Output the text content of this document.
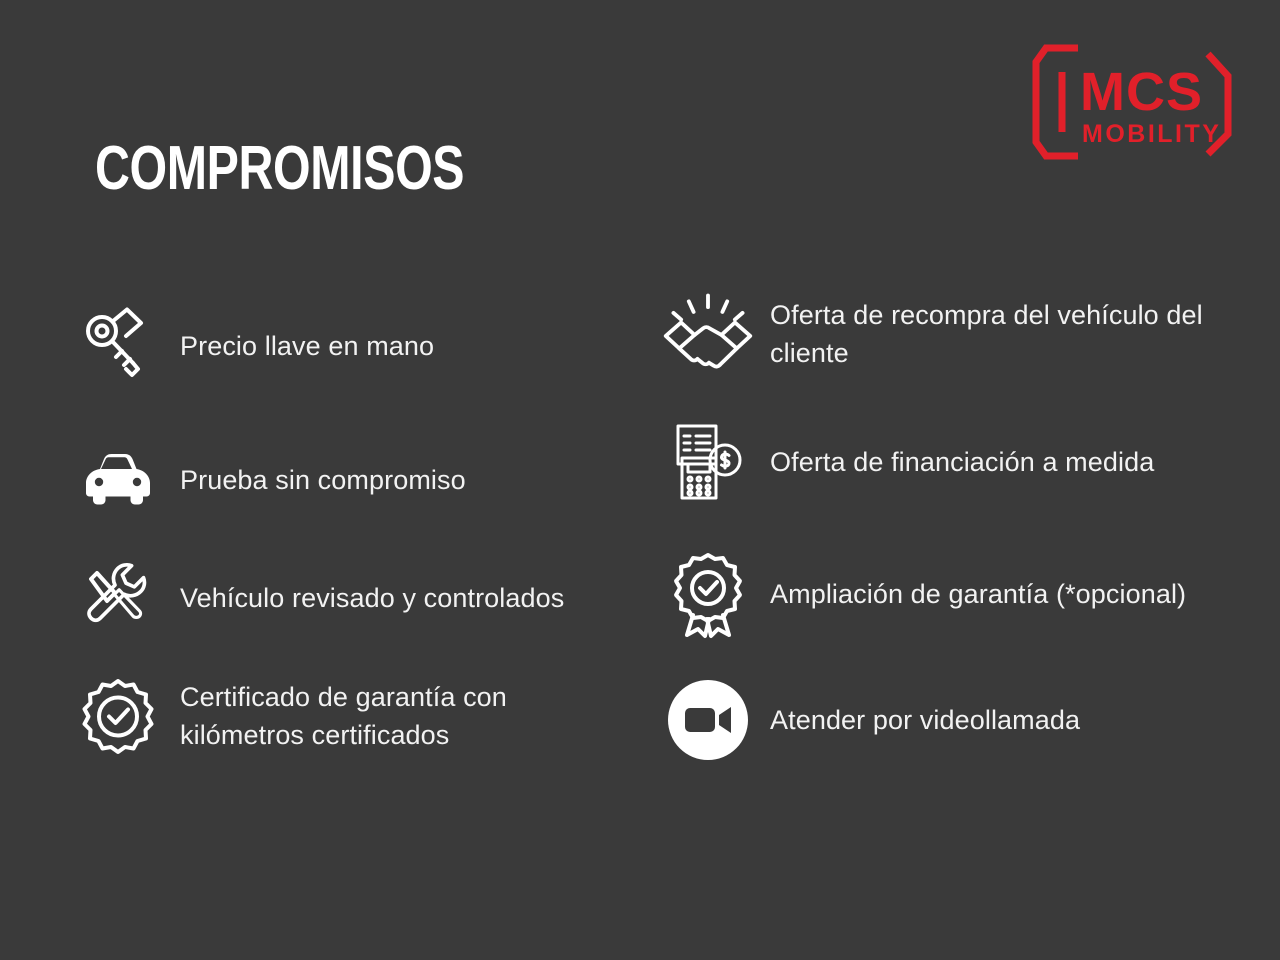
MCS
MOBILITY
COMPROMISOS
Precio llave en mano
Prueba sin compromiso
Vehículo revisado y controlados
Certificado de garantía con kilómetros certificados
Oferta de recompra del vehículo del cliente
Oferta de financiación a medida
Ampliación de garantía (*opcional)
Atender por videollamada
